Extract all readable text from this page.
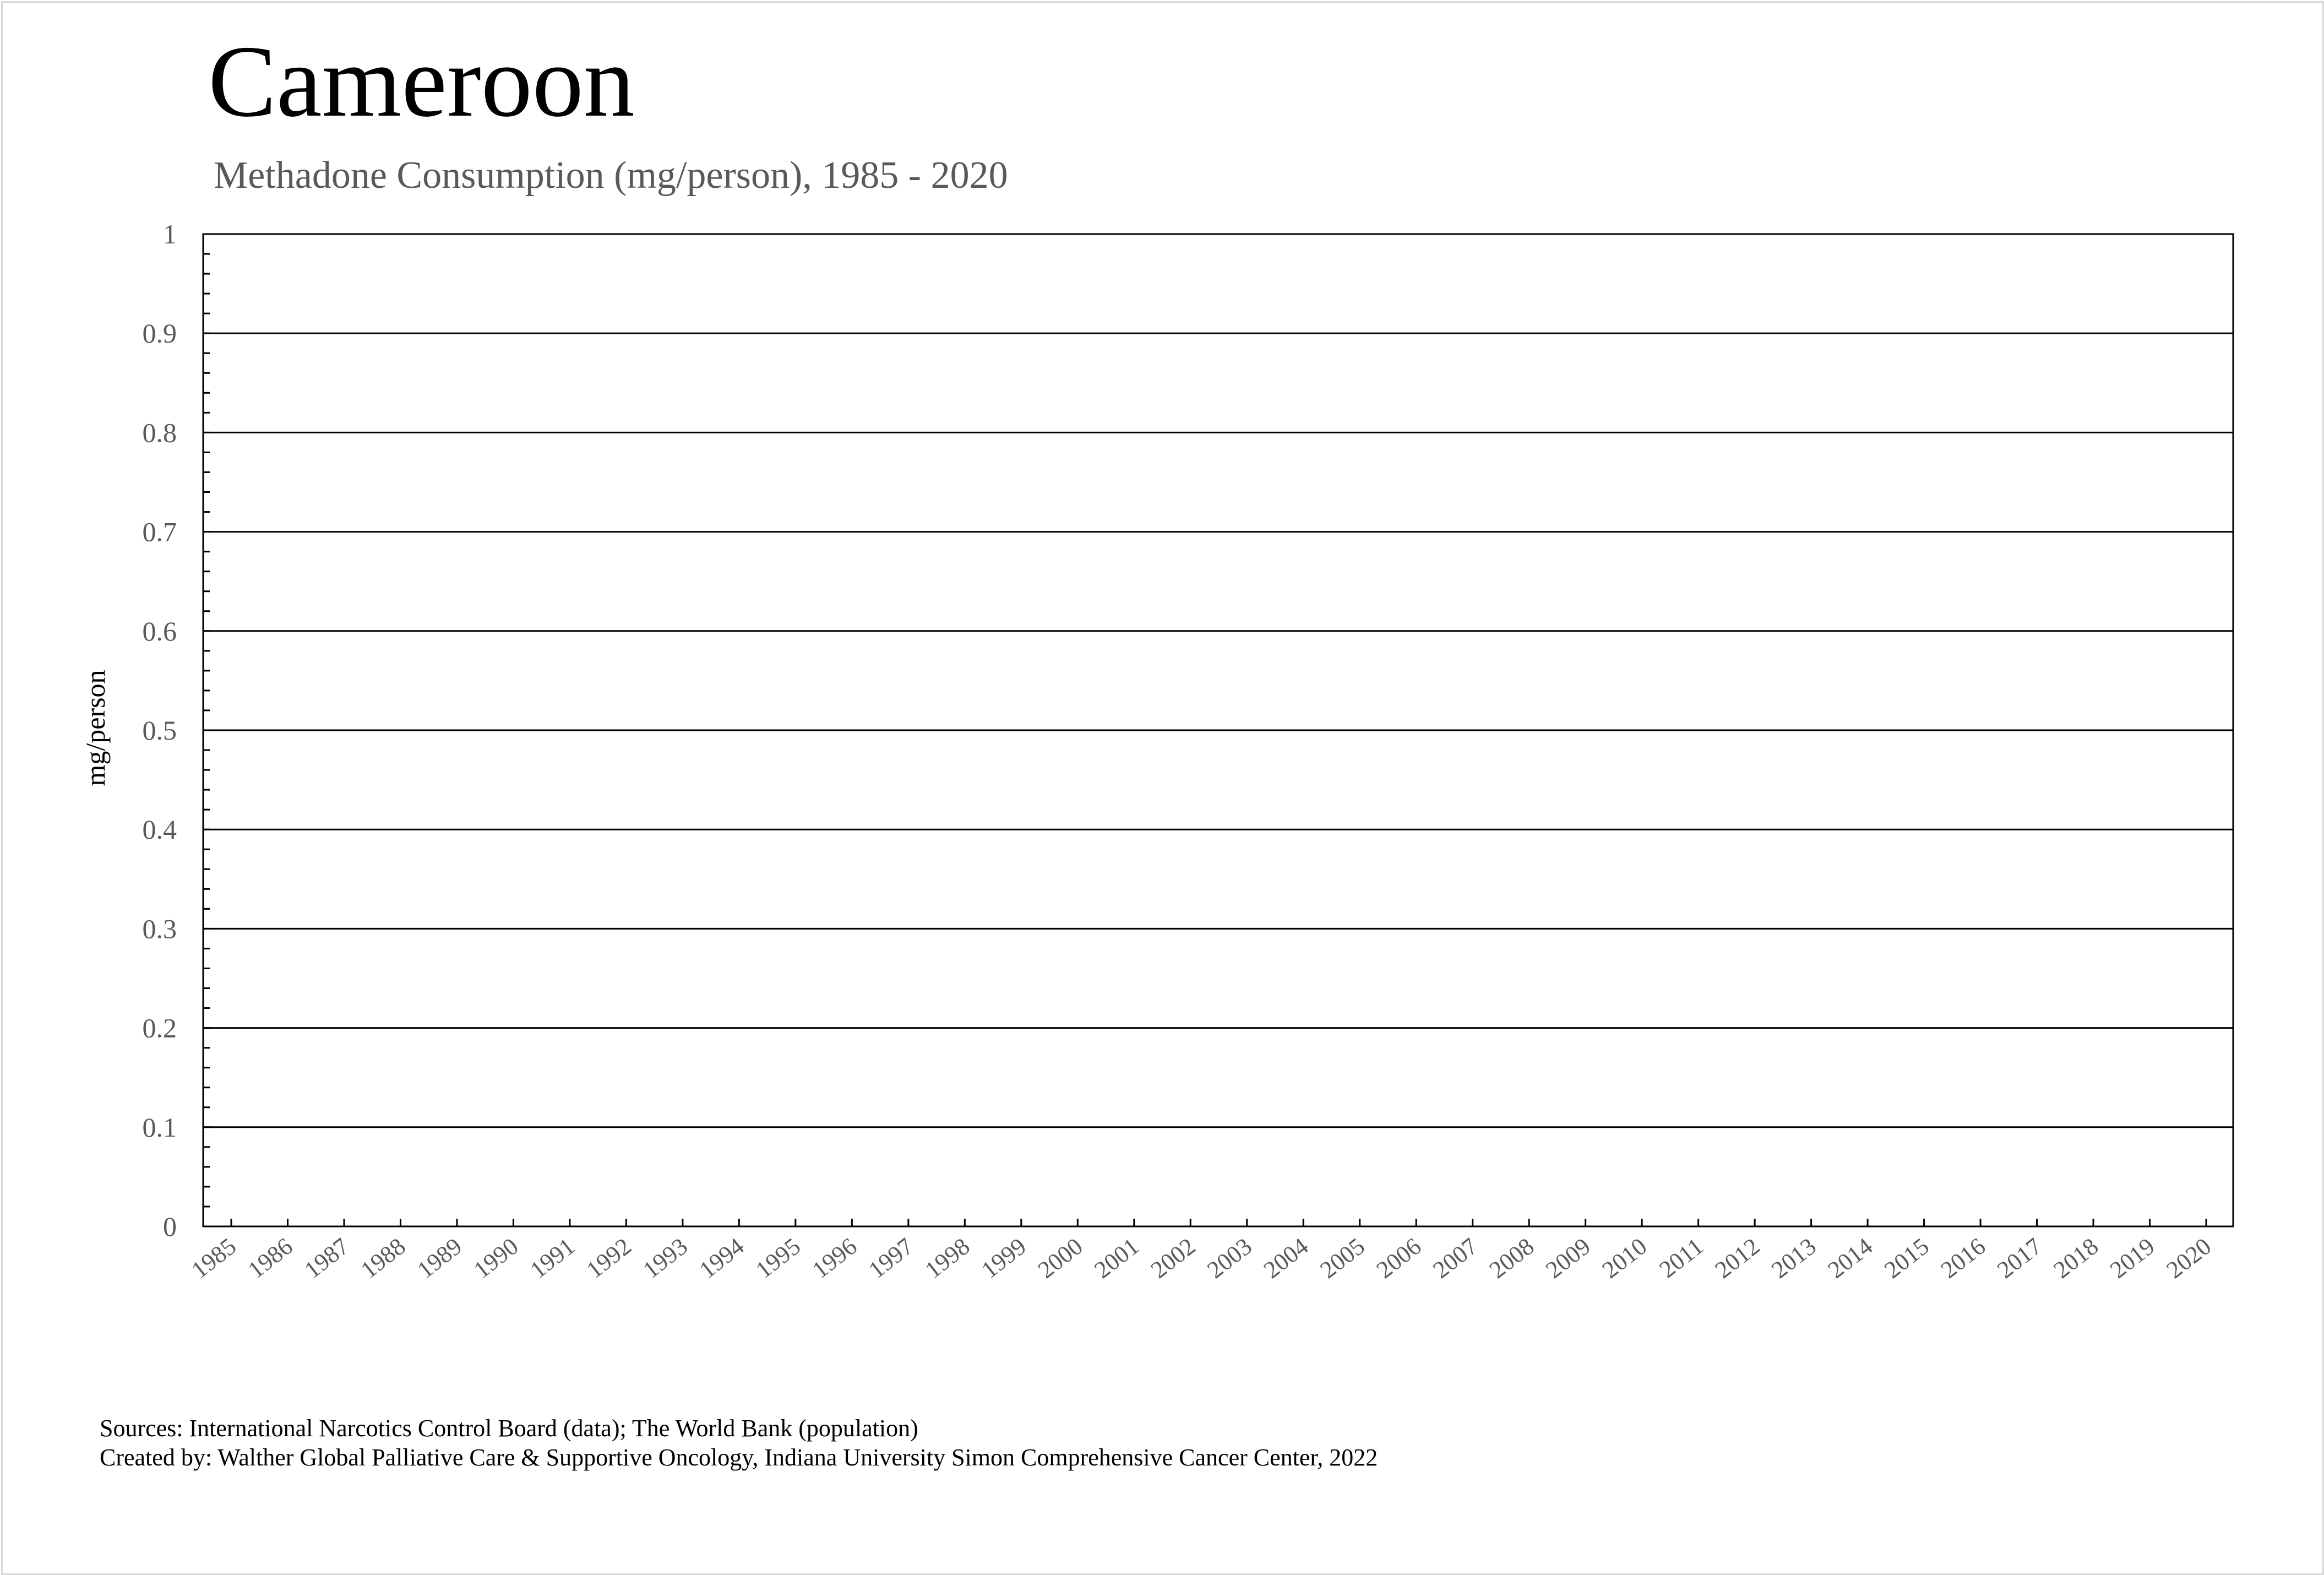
0
0.1
0.2
0.3
0.4
0.5
0.6
0.7
0.8
0.9
1
1985 1986 1987 1988 1989 1990 1991 1992 1993 1994 1995 1996 1997 1998 1999 2000 2001 2002 2003 2004 2005 2006 2007 2008 2009 2010 2011 2012 2013 2014 2015 2016 2017 2018 2019 2020
mg/person
Cameroon
Methadone Consumption (mg/person), 1985 - 2020
Sources: International Narcotics Control Board (data); The World Bank (population)
Created by: Walther Global Palliative Care & Supportive Oncology, Indiana University Simon Comprehensive Cancer Center, 2022
